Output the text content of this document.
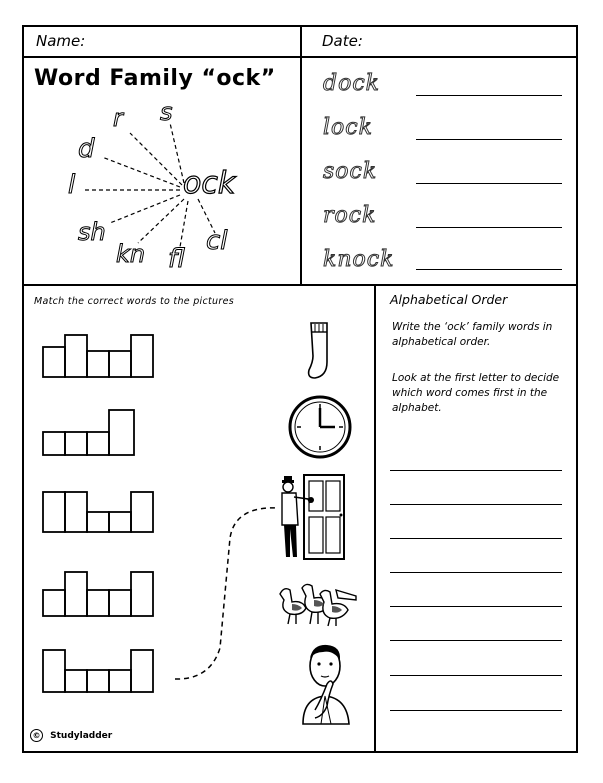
Name:	Date:
Word Family “ock”
r s
d
l
sh
kn fl
cl
ock
dock
lock
sock
rock
knock
Match the correct words to the pictures	Alphabetical Order
Write the ‘ock’ family words in alphabetical order.
Look at the first letter to decide which word comes first in the alphabet.
© Studyladder
